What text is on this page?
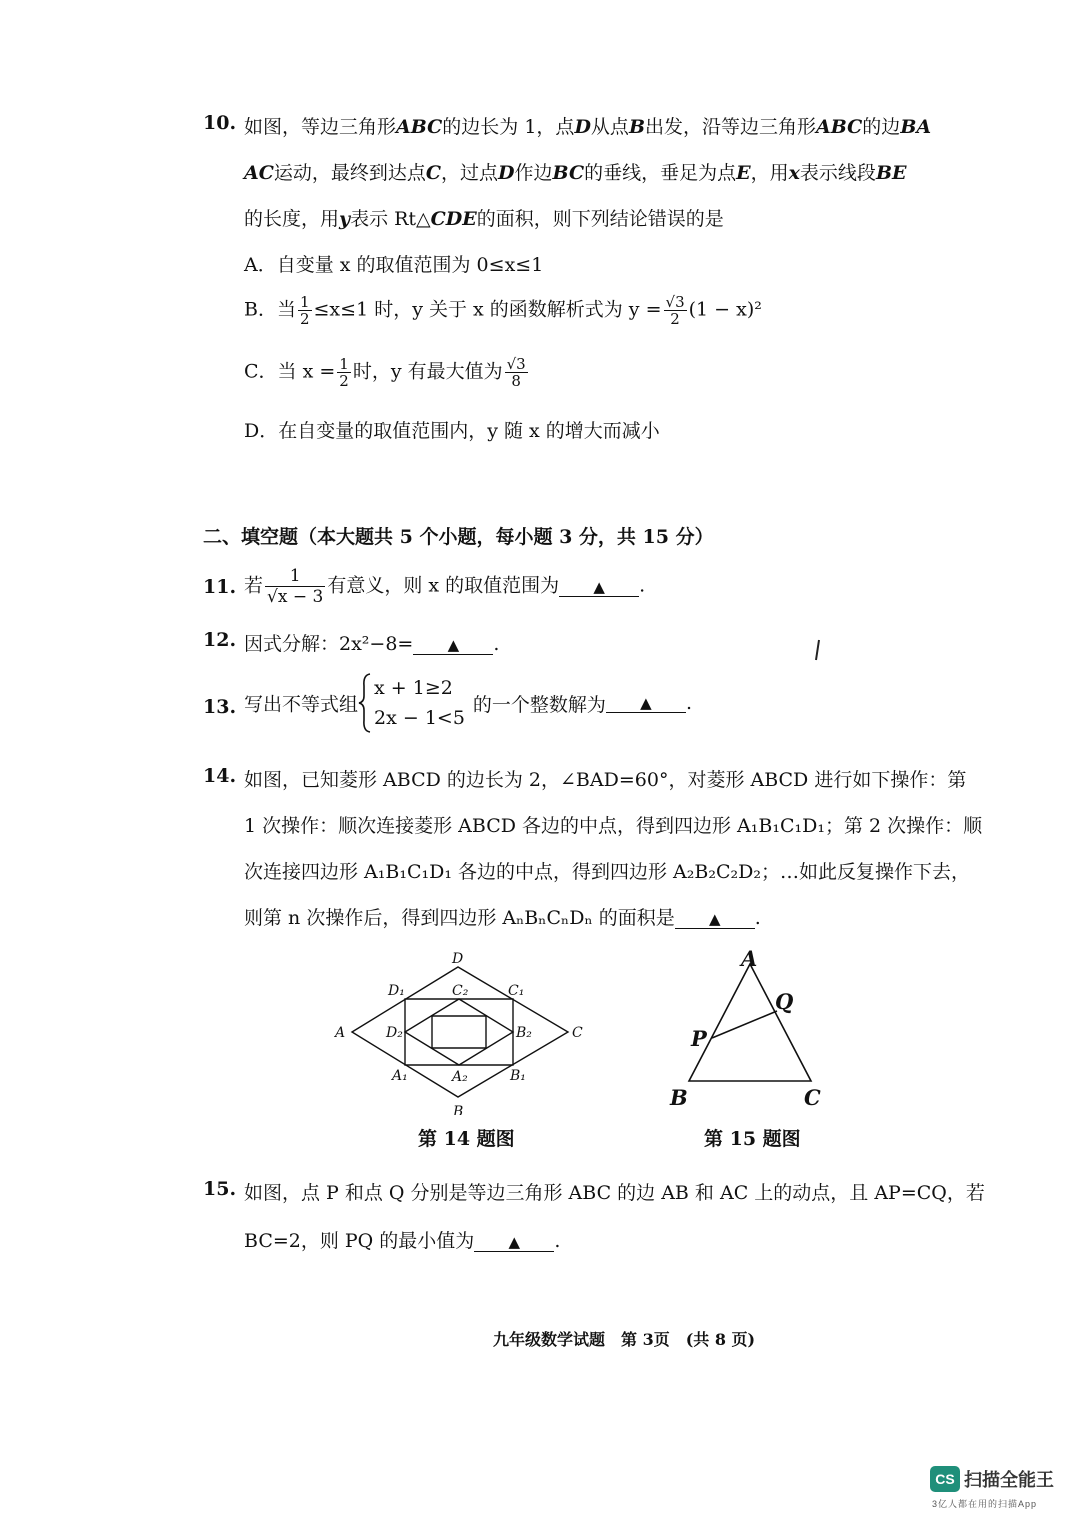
10. 如图，等边三角形ABC的边长为 1，点D从点B出发，沿等边三角形ABC的边BA
AC运动，最终到达点C，过点D作边BC的垂线，垂足为点E，用x表示线段BE
的长度，用y表示 Rt△CDE的面积，则下列结论错误的是
A．自变量 x 的取值范围为 0≤x≤1
B．当 $\frac{1}{2} \le x\le 1$ 时，y 关于 x 的函数解析式为 $y = \frac{√3}{2} (1 - x)^2$
C．当 $x = \frac{1}{2}$ 时，y 有最大值为 $\frac{√3}{8}$
D．在自变量的取值范围内，y 随 x 的增大而减小
二、填空题（本大题共 5 个小题，每小题 3 分，共 15 分）
11. 若 $\frac{1}{√x - 3}$ 有意义，则 x 的取值范围为 ▲ .
12. 因式分解：2x²−8= ▲ .
13. 写出不等式组
x + 1≥2
2x − 1<5
的一个整数解为 ▲ .
14. 如图，已知菱形 ABCD 的边长为 2，∠BAD=60°，对菱形 ABCD 进行如下操作：第
1 次操作：顺次连接菱形 ABCD 各边的中点，得到四边形 A₁B₁C₁D₁；第 2 次操作：顺
次连接四边形 A₁B₁C₁D₁ 各边的中点，得到四边形 A₂B₂C₂D₂；…如此反复操作下去，
则第 n 次操作后，得到四边形 AₙBₙCₙDₙ 的面积是 ▲ .
A
B
C
D
D₁	C₁
A₁	B₁
C₂
D₂	B₂
A₂
第 14 题图
A
B	C
P
Q
第 15 题图
15. 如图，点 P 和点 Q 分别是等边三角形 ABC 的边 AB 和 AC 上的动点，且 AP=CQ，若
BC=2，则 PQ 的最小值为 ▲ .
九年级数学试题　第 3页　(共 8 页)
CS 扫描全能王
3亿人都在用的扫描App
